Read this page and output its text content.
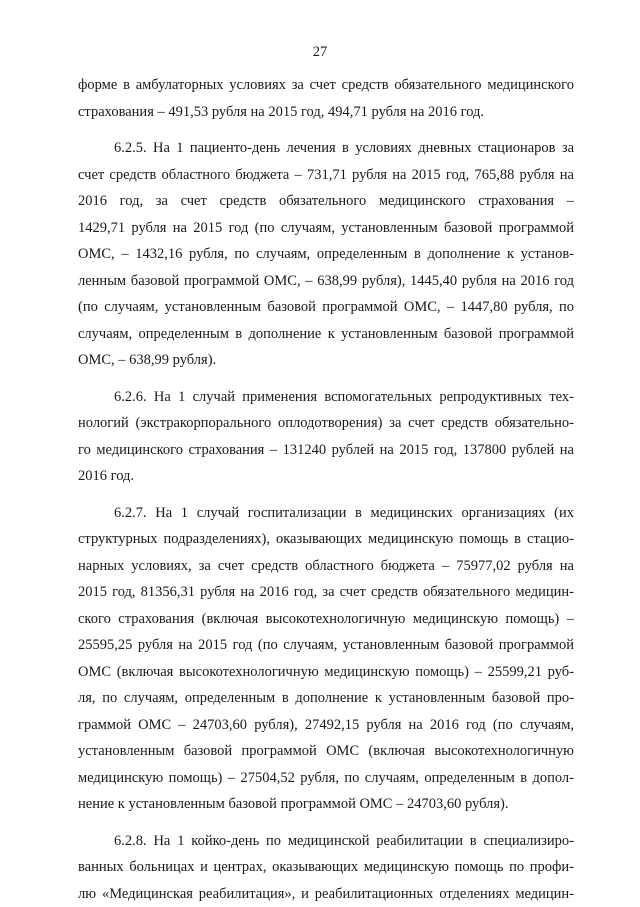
27
форме в амбулаторных условиях за счет средств обязательного медицинского
страхования – 491,53 рубля на 2015 год, 494,71 рубля на 2016 год.
6.2.5. На 1 пациенто-день лечения в условиях дневных стационаров за
счет средств областного бюджета – 731,71 рубля на 2015 год, 765,88 рубля на
2016 год, за счет средств обязательного медицинского страхования –
1429,71 рубля на 2015 год (по случаям, установленным базовой программой
ОМС, – 1432,16 рубля, по случаям, определенным в дополнение к установ-
ленным базовой программой ОМС, – 638,99 рубля), 1445,40 рубля на 2016 год
(по случаям, установленным базовой программой ОМС, – 1447,80 рубля, по
случаям, определенным в дополнение к установленным базовой программой
ОМС, – 638,99 рубля).
6.2.6. На 1 случай применения вспомогательных репродуктивных тех-
нологий (экстракорпорального оплодотворения) за счет средств обязательно-
го медицинского страхования – 131240 рублей на 2015 год, 137800 рублей на
2016 год.
6.2.7. На 1 случай госпитализации в медицинских организациях (их
структурных подразделениях), оказывающих медицинскую помощь в стацио-
нарных условиях, за счет средств областного бюджета – 75977,02 рубля на
2015 год, 81356,31 рубля на 2016 год, за счет средств обязательного медицин-
ского страхования (включая высокотехнологичную медицинскую помощь) –
25595,25 рубля на 2015 год (по случаям, установленным базовой программой
ОМС (включая высокотехнологичную медицинскую помощь) – 25599,21 руб-
ля, по случаям, определенным в дополнение к установленным базовой про-
граммой ОМС – 24703,60 рубля), 27492,15 рубля на 2016 год (по случаям,
установленным базовой программой ОМС (включая высокотехнологичную
медицинскую помощь) – 27504,52 рубля, по случаям, определенным в допол-
нение к установленным базовой программой ОМС – 24703,60 рубля).
6.2.8. На 1 койко-день по медицинской реабилитации в специализиро-
ванных больницах и центрах, оказывающих медицинскую помощь по профи-
лю «Медицинская реабилитация», и реабилитационных отделениях медицин-
